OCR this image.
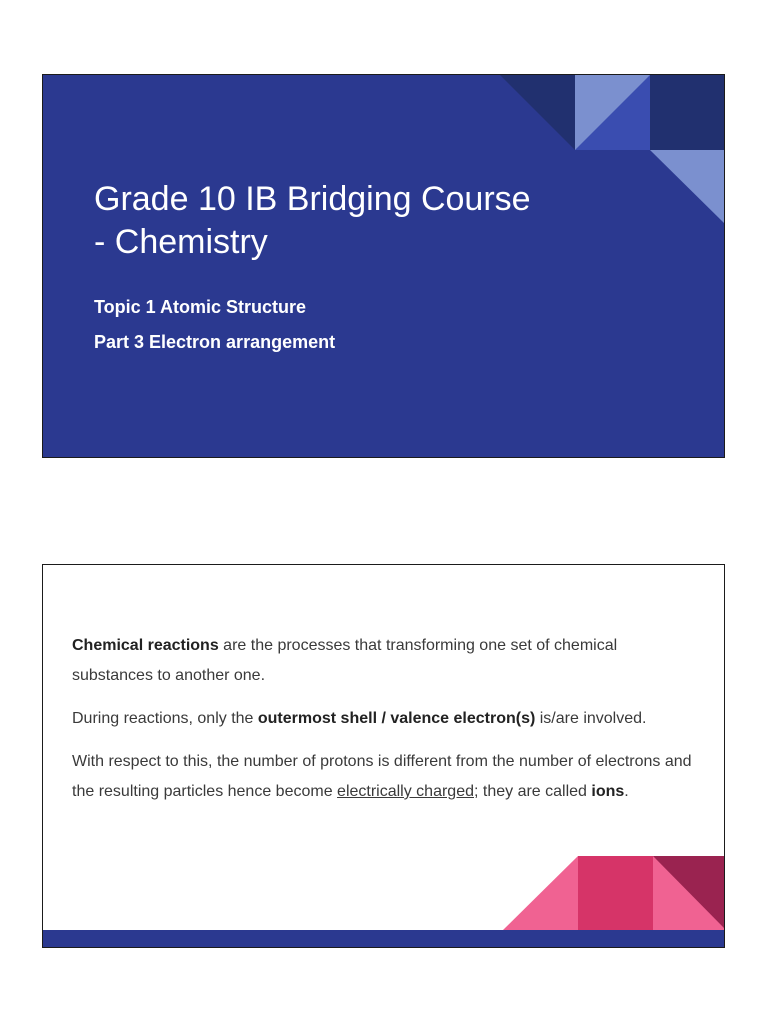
Grade 10 IB Bridging Course
- Chemistry

Topic 1 Atomic Structure

Part 3 Electron arrangement

Chemical reactions are the processes that transforming one set of chemical substances to another one.

During reactions, only the outermost shell / valence electron(s) is/are involved.

With respect to this, the number of protons is different from the number of electrons and the resulting particles hence become electrically charged; they are called ions.
